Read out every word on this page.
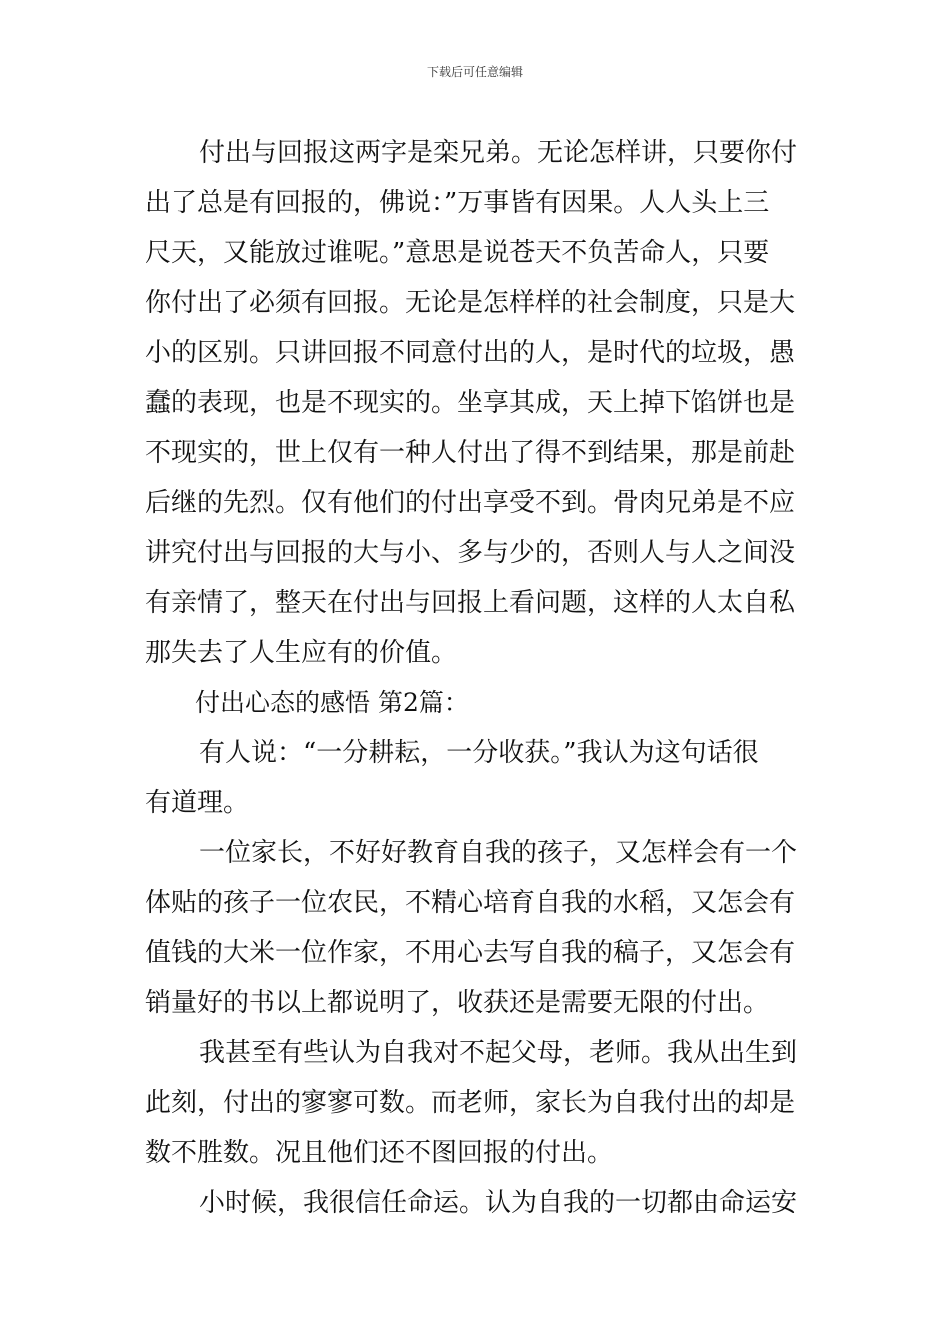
下载后可任意编辑
付出与回报这两字是栾兄弟。无论怎样讲，只要你付
出了总是有回报的，佛说：”万事皆有因果。人人头上三
尺天，又能放过谁呢。”意思是说苍天不负苦命人，只要
你付出了必须有回报。无论是怎样样的社会制度，只是大
小的区别。只讲回报不同意付出的人，是时代的垃圾，愚
蠢的表现，也是不现实的。坐享其成，天上掉下馅饼也是
不现实的，世上仅有一种人付出了得不到结果，那是前赴
后继的先烈。仅有他们的付出享受不到。骨肉兄弟是不应
讲究付出与回报的大与小、多与少的，否则人与人之间没
有亲情了，整天在付出与回报上看问题，这样的人太自私
那失去了人生应有的价值。
付出心态的感悟 第2篇：
有人说：“一分耕耘，一分收获。”我认为这句话很
有道理。
一位家长，不好好教育自我的孩子，又怎样会有一个
体贴的孩子一位农民，不精心培育自我的水稻，又怎会有
值钱的大米一位作家，不用心去写自我的稿子，又怎会有
销量好的书以上都说明了，收获还是需要无限的付出。
我甚至有些认为自我对不起父母，老师。我从出生到
此刻，付出的寥寥可数。而老师，家长为自我付出的却是
数不胜数。况且他们还不图回报的付出。
小时候，我很信任命运。认为自我的一切都由命运安
